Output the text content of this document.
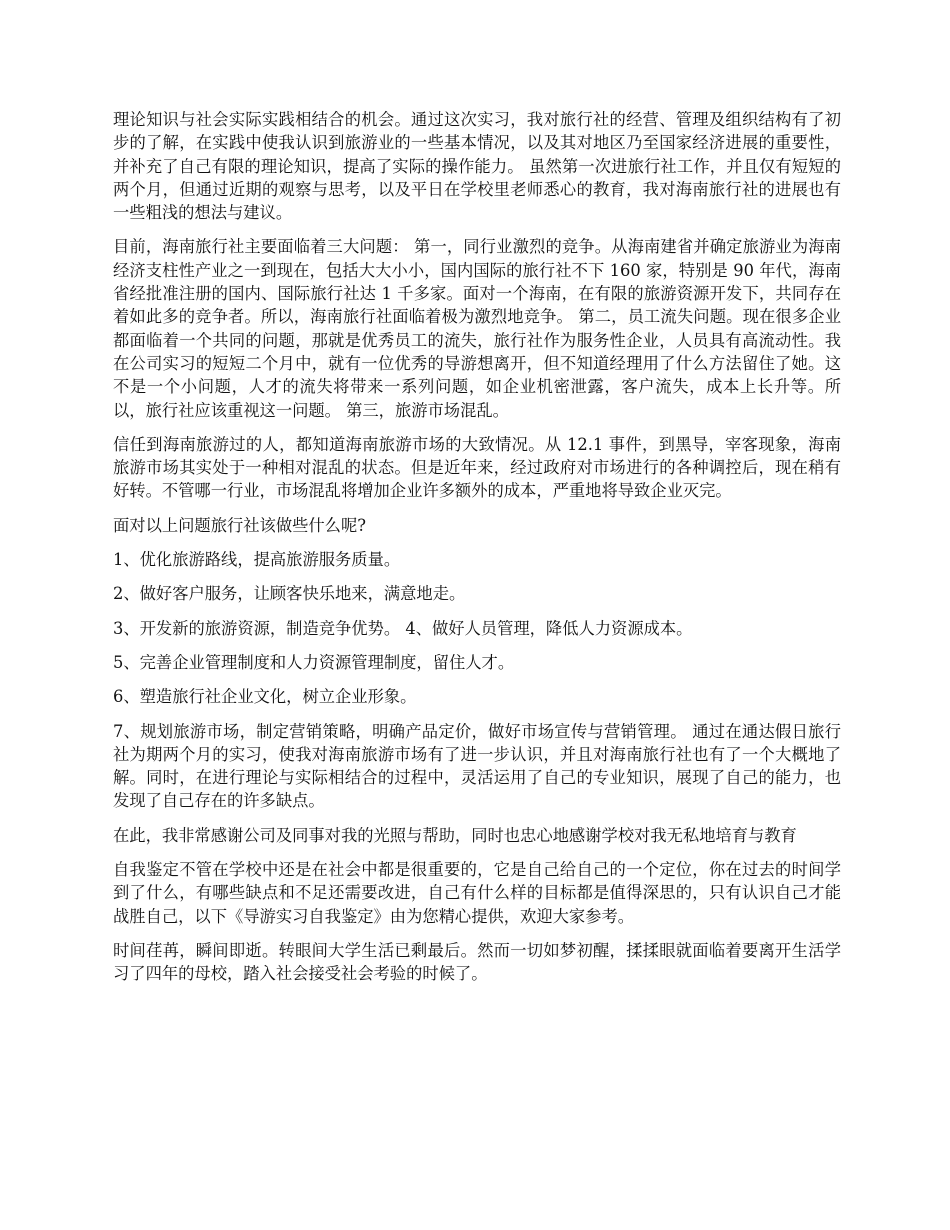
理论知识与社会实际实践相结合的机会。通过这次实习，我对旅行社的经营、管理及组织结构有了初步的了解，在实践中使我认识到旅游业的一些基本情况，以及其对地区乃至国家经济进展的重要性，并补充了自己有限的理论知识，提高了实际的操作能力。 虽然第一次进旅行社工作，并且仅有短短的两个月，但通过近期的观察与思考，以及平日在学校里老师悉心的教育，我对海南旅行社的进展也有一些粗浅的想法与建议。

目前，海南旅行社主要面临着三大问题： 第一，同行业激烈的竞争。从海南建省并确定旅游业为海南经济支柱性产业之一到现在，包括大大小小，国内国际的旅行社不下 160 家，特别是 90 年代，海南省经批准注册的国内、国际旅行社达 1 千多家。面对一个海南，在有限的旅游资源开发下，共同存在着如此多的竞争者。所以，海南旅行社面临着极为激烈地竞争。 第二，员工流失问题。现在很多企业都面临着一个共同的问题，那就是优秀员工的流失，旅行社作为服务性企业，人员具有高流动性。我在公司实习的短短二个月中，就有一位优秀的导游想离开，但不知道经理用了什么方法留住了她。这不是一个小问题，人才的流失将带来一系列问题，如企业机密泄露，客户流失，成本上长升等。所以，旅行社应该重视这一问题。 第三，旅游市场混乱。

信任到海南旅游过的人，都知道海南旅游市场的大致情况。从 12.1 事件，到黑导，宰客现象，海南旅游市场其实处于一种相对混乱的状态。但是近年来，经过政府对市场进行的各种调控后，现在稍有好转。不管哪一行业，市场混乱将增加企业许多额外的成本，严重地将导致企业灭完。

面对以上问题旅行社该做些什么呢?

1、优化旅游路线，提高旅游服务质量。

2、做好客户服务，让顾客快乐地来，满意地走。

3、开发新的旅游资源，制造竞争优势。 4、做好人员管理，降低人力资源成本。

5、完善企业管理制度和人力资源管理制度，留住人才。

6、塑造旅行社企业文化，树立企业形象。

7、规划旅游市场，制定营销策略，明确产品定价，做好市场宣传与营销管理。 通过在通达假日旅行社为期两个月的实习，使我对海南旅游市场有了进一步认识，并且对海南旅行社也有了一个大概地了解。同时，在进行理论与实际相结合的过程中，灵活运用了自己的专业知识，展现了自己的能力，也发现了自己存在的许多缺点。

在此，我非常感谢公司及同事对我的光照与帮助，同时也忠心地感谢学校对我无私地培育与教育

自我鉴定不管在学校中还是在社会中都是很重要的，它是自己给自己的一个定位，你在过去的时间学到了什么，有哪些缺点和不足还需要改进，自己有什么样的目标都是值得深思的，只有认识自己才能战胜自己，以下《导游实习自我鉴定》由为您精心提供，欢迎大家参考。

时间荏苒，瞬间即逝。转眼间大学生活已剩最后。然而一切如梦初醒，揉揉眼就面临着要离开生活学习了四年的母校，踏入社会接受社会考验的时候了。
